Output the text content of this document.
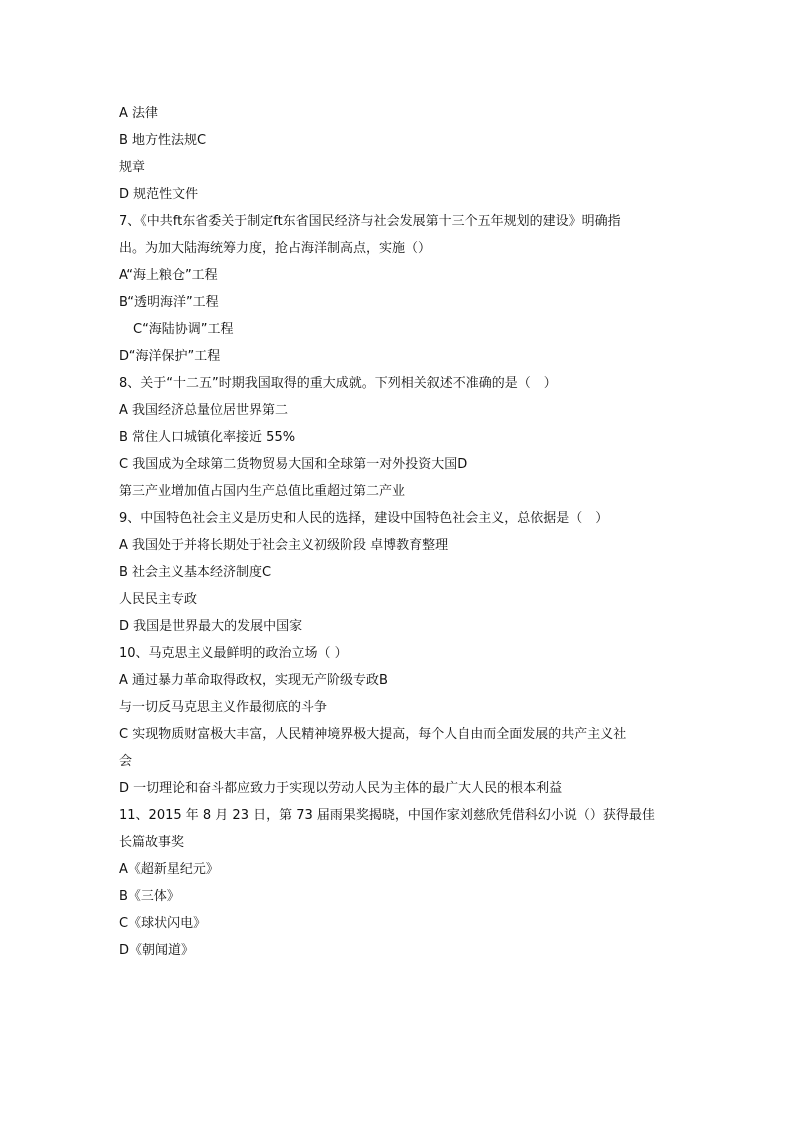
A 法律
B 地方性法规C
规章
D 规范性文件
7、《中共ft东省委关于制定ft东省国民经济与社会发展第十三个五年规划的建设》明确指
出。为加大陆海统筹力度，抢占海洋制高点，实施（）
A“海上粮仓”工程
B“透明海洋”工程
C“海陆协调”工程
D“海洋保护”工程
8、关于“十二五”时期我国取得的重大成就。下列相关叙述不准确的是（　）
A 我国经济总量位居世界第二
B 常住人口城镇化率接近 55%
C 我国成为全球第二货物贸易大国和全球第一对外投资大国D
第三产业增加值占国内生产总值比重超过第二产业
9、中国特色社会主义是历史和人民的选择，建设中国特色社会主义，总依据是（　）
A 我国处于并将长期处于社会主义初级阶段 卓博教育整理
B 社会主义基本经济制度C
人民民主专政
D 我国是世界最大的发展中国家
10、马克思主义最鲜明的政治立场（ ）
A 通过暴力革命取得政权，实现无产阶级专政B
与一切反马克思主义作最彻底的斗争
C 实现物质财富极大丰富，人民精神境界极大提高，每个人自由而全面发展的共产主义社
会
D 一切理论和奋斗都应致力于实现以劳动人民为主体的最广大人民的根本利益
11、2015 年 8 月 23 日，第 73 届雨果奖揭晓，中国作家刘慈欣凭借科幻小说（）获得最佳
长篇故事奖
A《超新星纪元》
B《三体》
C《球状闪电》
D《朝闻道》
